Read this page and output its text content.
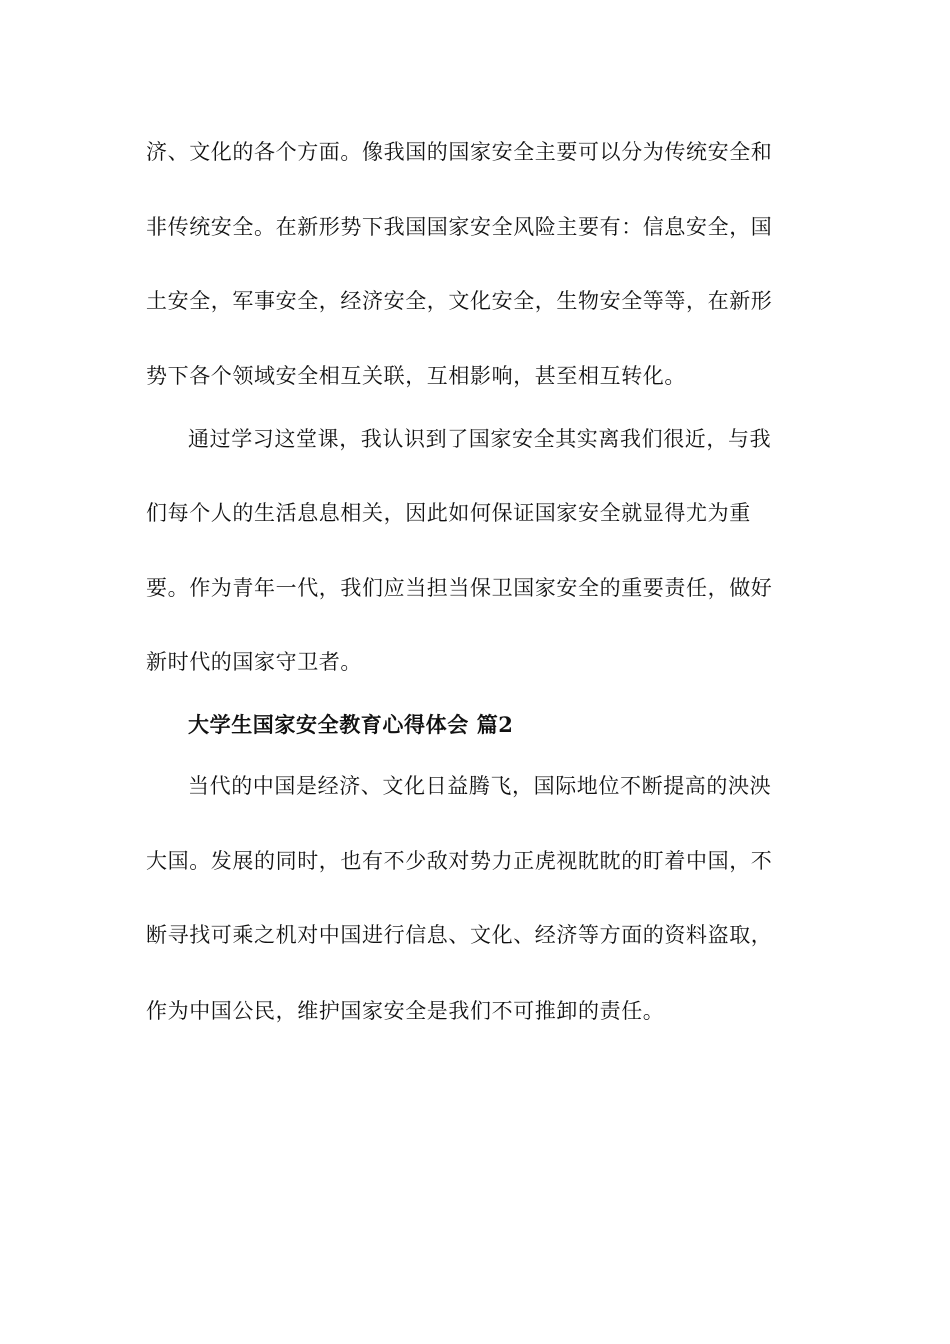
济、文化的各个方面。像我国的国家安全主要可以分为传统安全和
非传统安全。在新形势下我国国家安全风险主要有：信息安全，国
土安全，军事安全，经济安全，文化安全，生物安全等等，在新形
势下各个领域安全相互关联，互相影响，甚至相互转化。
通过学习这堂课，我认识到了国家安全其实离我们很近，与我
们每个人的生活息息相关，因此如何保证国家安全就显得尤为重
要。作为青年一代，我们应当担当保卫国家安全的重要责任，做好
新时代的国家守卫者。
大学生国家安全教育心得体会 篇2
当代的中国是经济、文化日益腾飞，国际地位不断提高的泱泱
大国。发展的同时，也有不少敌对势力正虎视眈眈的盯着中国，不
断寻找可乘之机对中国进行信息、文化、经济等方面的资料盗取，
作为中国公民，维护国家安全是我们不可推卸的责任。
